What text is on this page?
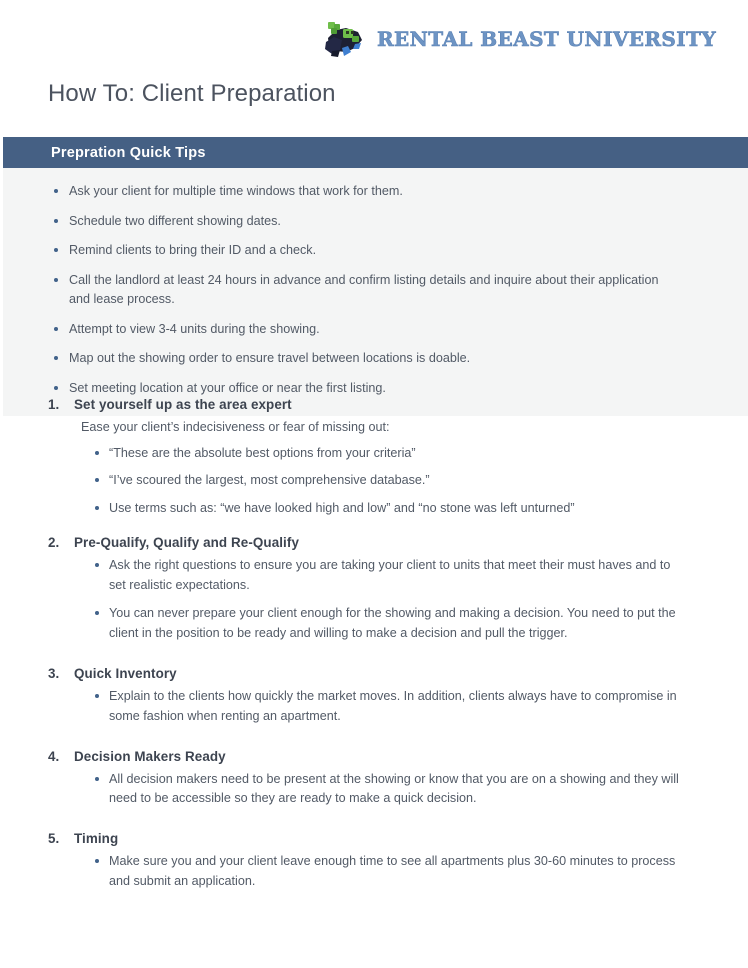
RENTAL BEAST UNIVERSITY
How To: Client Preparation
Prepration Quick Tips
Ask your client for multiple time windows that work for them.
Schedule two different showing dates.
Remind clients to bring their ID and a check.
Call the landlord at least 24 hours in advance and confirm listing details and inquire about their application and lease process.
Attempt to view 3-4 units during the showing.
Map out the showing order to ensure travel between locations is doable.
Set meeting location at your office or near the first listing.
1.	Set yourself up as the area expert

Ease your client’s indecisiveness or fear of missing out:

“These are the absolute best options from your criteria”
“I’ve scoured the largest, most comprehensive database.”
Use terms such as: “we have looked high and low” and “no stone was left unturned”
2.	Pre-Qualify, Qualify and Re-Qualify
Ask the right questions to ensure you are taking your client to units that meet their must haves and to set realistic expectations.
You can never prepare your client enough for the showing and making a decision. You need to put the client in the position to be ready and willing to make a decision and pull the trigger.
3.	Quick Inventory
Explain to the clients how quickly the market moves. In addition, clients always have to compromise in some fashion when renting an apartment.
4.	Decision Makers Ready
All decision makers need to be present at the showing or know that you are on a showing and they will need to be accessible so they are ready to make a quick decision.
5.	Timing
Make sure you and your client leave enough time to see all apartments plus 30-60 minutes to process and submit an application.
